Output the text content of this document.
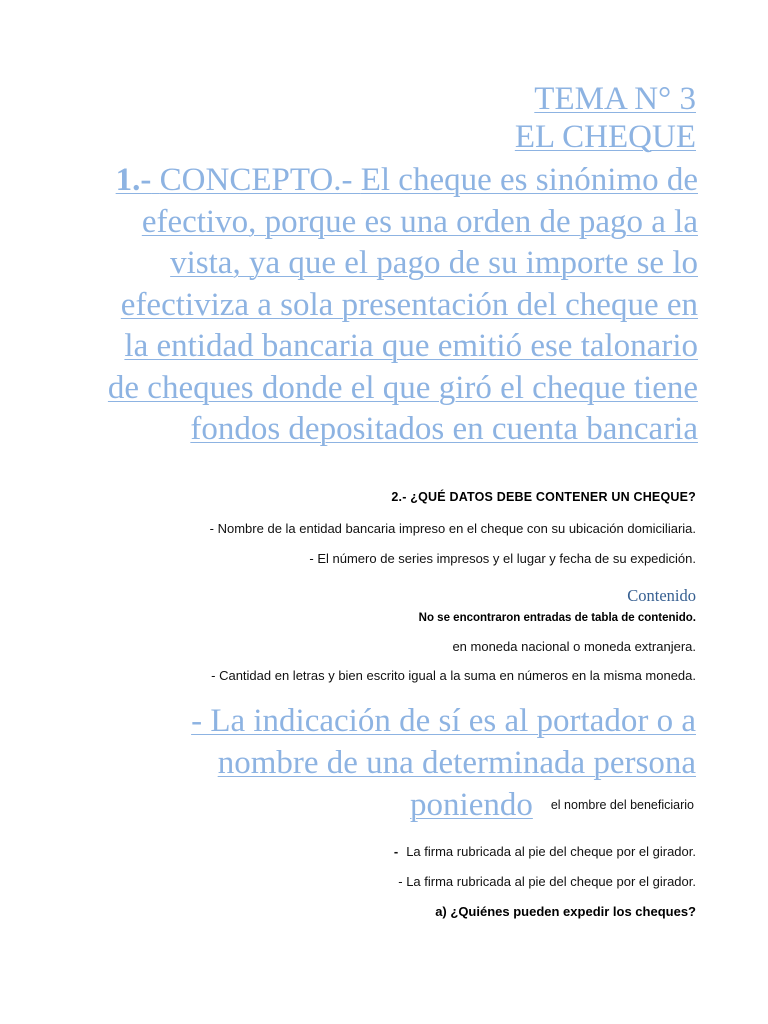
TEMA N° 3
EL CHEQUE
1.- CONCEPTO.- El cheque es sinónimo de efectivo, porque es una orden de pago a la vista, ya que el pago de su importe se lo efectiviza a sola presentación del cheque en la entidad bancaria que emitió ese talonario de cheques donde el que giró el cheque tiene fondos depositados en cuenta bancaria
2.- ¿QUÉ DATOS DEBE CONTENER UN CHEQUE?
- Nombre de la entidad bancaria impreso en el cheque con su ubicación domiciliaria.
- El número de series impresos y el lugar y fecha de su expedición.
Contenido
No se encontraron entradas de tabla de contenido.
en moneda nacional o moneda extranjera.
- Cantidad en letras y bien escrito igual a la suma en números en la misma moneda.
- La indicación de sí es al portador o a
nombre de una determinada persona
poniendo el nombre del beneficiario
- La firma rubricada al pie del cheque por el girador.
- La firma rubricada al pie del cheque por el girador.
a) ¿Quiénes pueden expedir los cheques?
